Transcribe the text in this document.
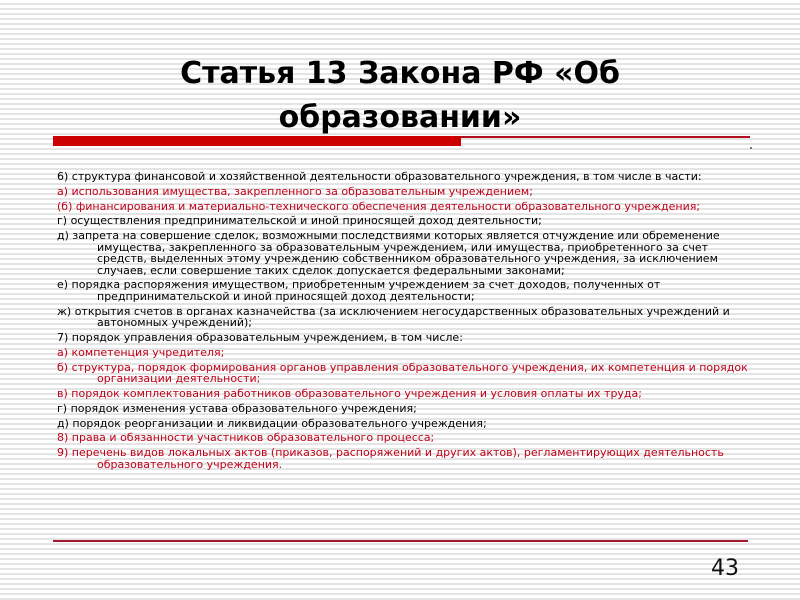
Статья 13 Закона РФ «Об образовании»
6) структура финансовой и хозяйственной деятельности образовательного учреждения, в том числе в части:
а) использования имущества, закрепленного за образовательным учреждением;
(б) финансирования и материально-технического обеспечения деятельности образовательного учреждения;
г) осуществления предпринимательской и иной приносящей доход деятельности;
д) запрета на совершение сделок, возможными последствиями которых является отчуждение или обременение имущества, закрепленного за образовательным учреждением, или имущества, приобретенного за счет средств, выделенных этому учреждению собственником образовательного учреждения, за исключением случаев, если совершение таких сделок допускается федеральными законами;
е) порядка распоряжения имуществом, приобретенным учреждением за счет доходов, полученных от предпринимательской и иной приносящей доход деятельности;
ж) открытия счетов в органах казначейства (за исключением негосударственных образовательных учреждений и автономных учреждений);
7) порядок управления образовательным учреждением, в том числе:
а) компетенция учредителя;
б) структура, порядок формирования органов управления образовательного учреждения, их компетенция и порядок организации деятельности;
в) порядок комплектования работников образовательного учреждения и условия оплаты их труда;
г) порядок изменения устава образовательного учреждения;
д) порядок реорганизации и ликвидации образовательного учреждения;
8) права и обязанности участников образовательного процесса;
9) перечень видов локальных актов (приказов, распоряжений и других актов), регламентирующих деятельность образовательного учреждения.
43
